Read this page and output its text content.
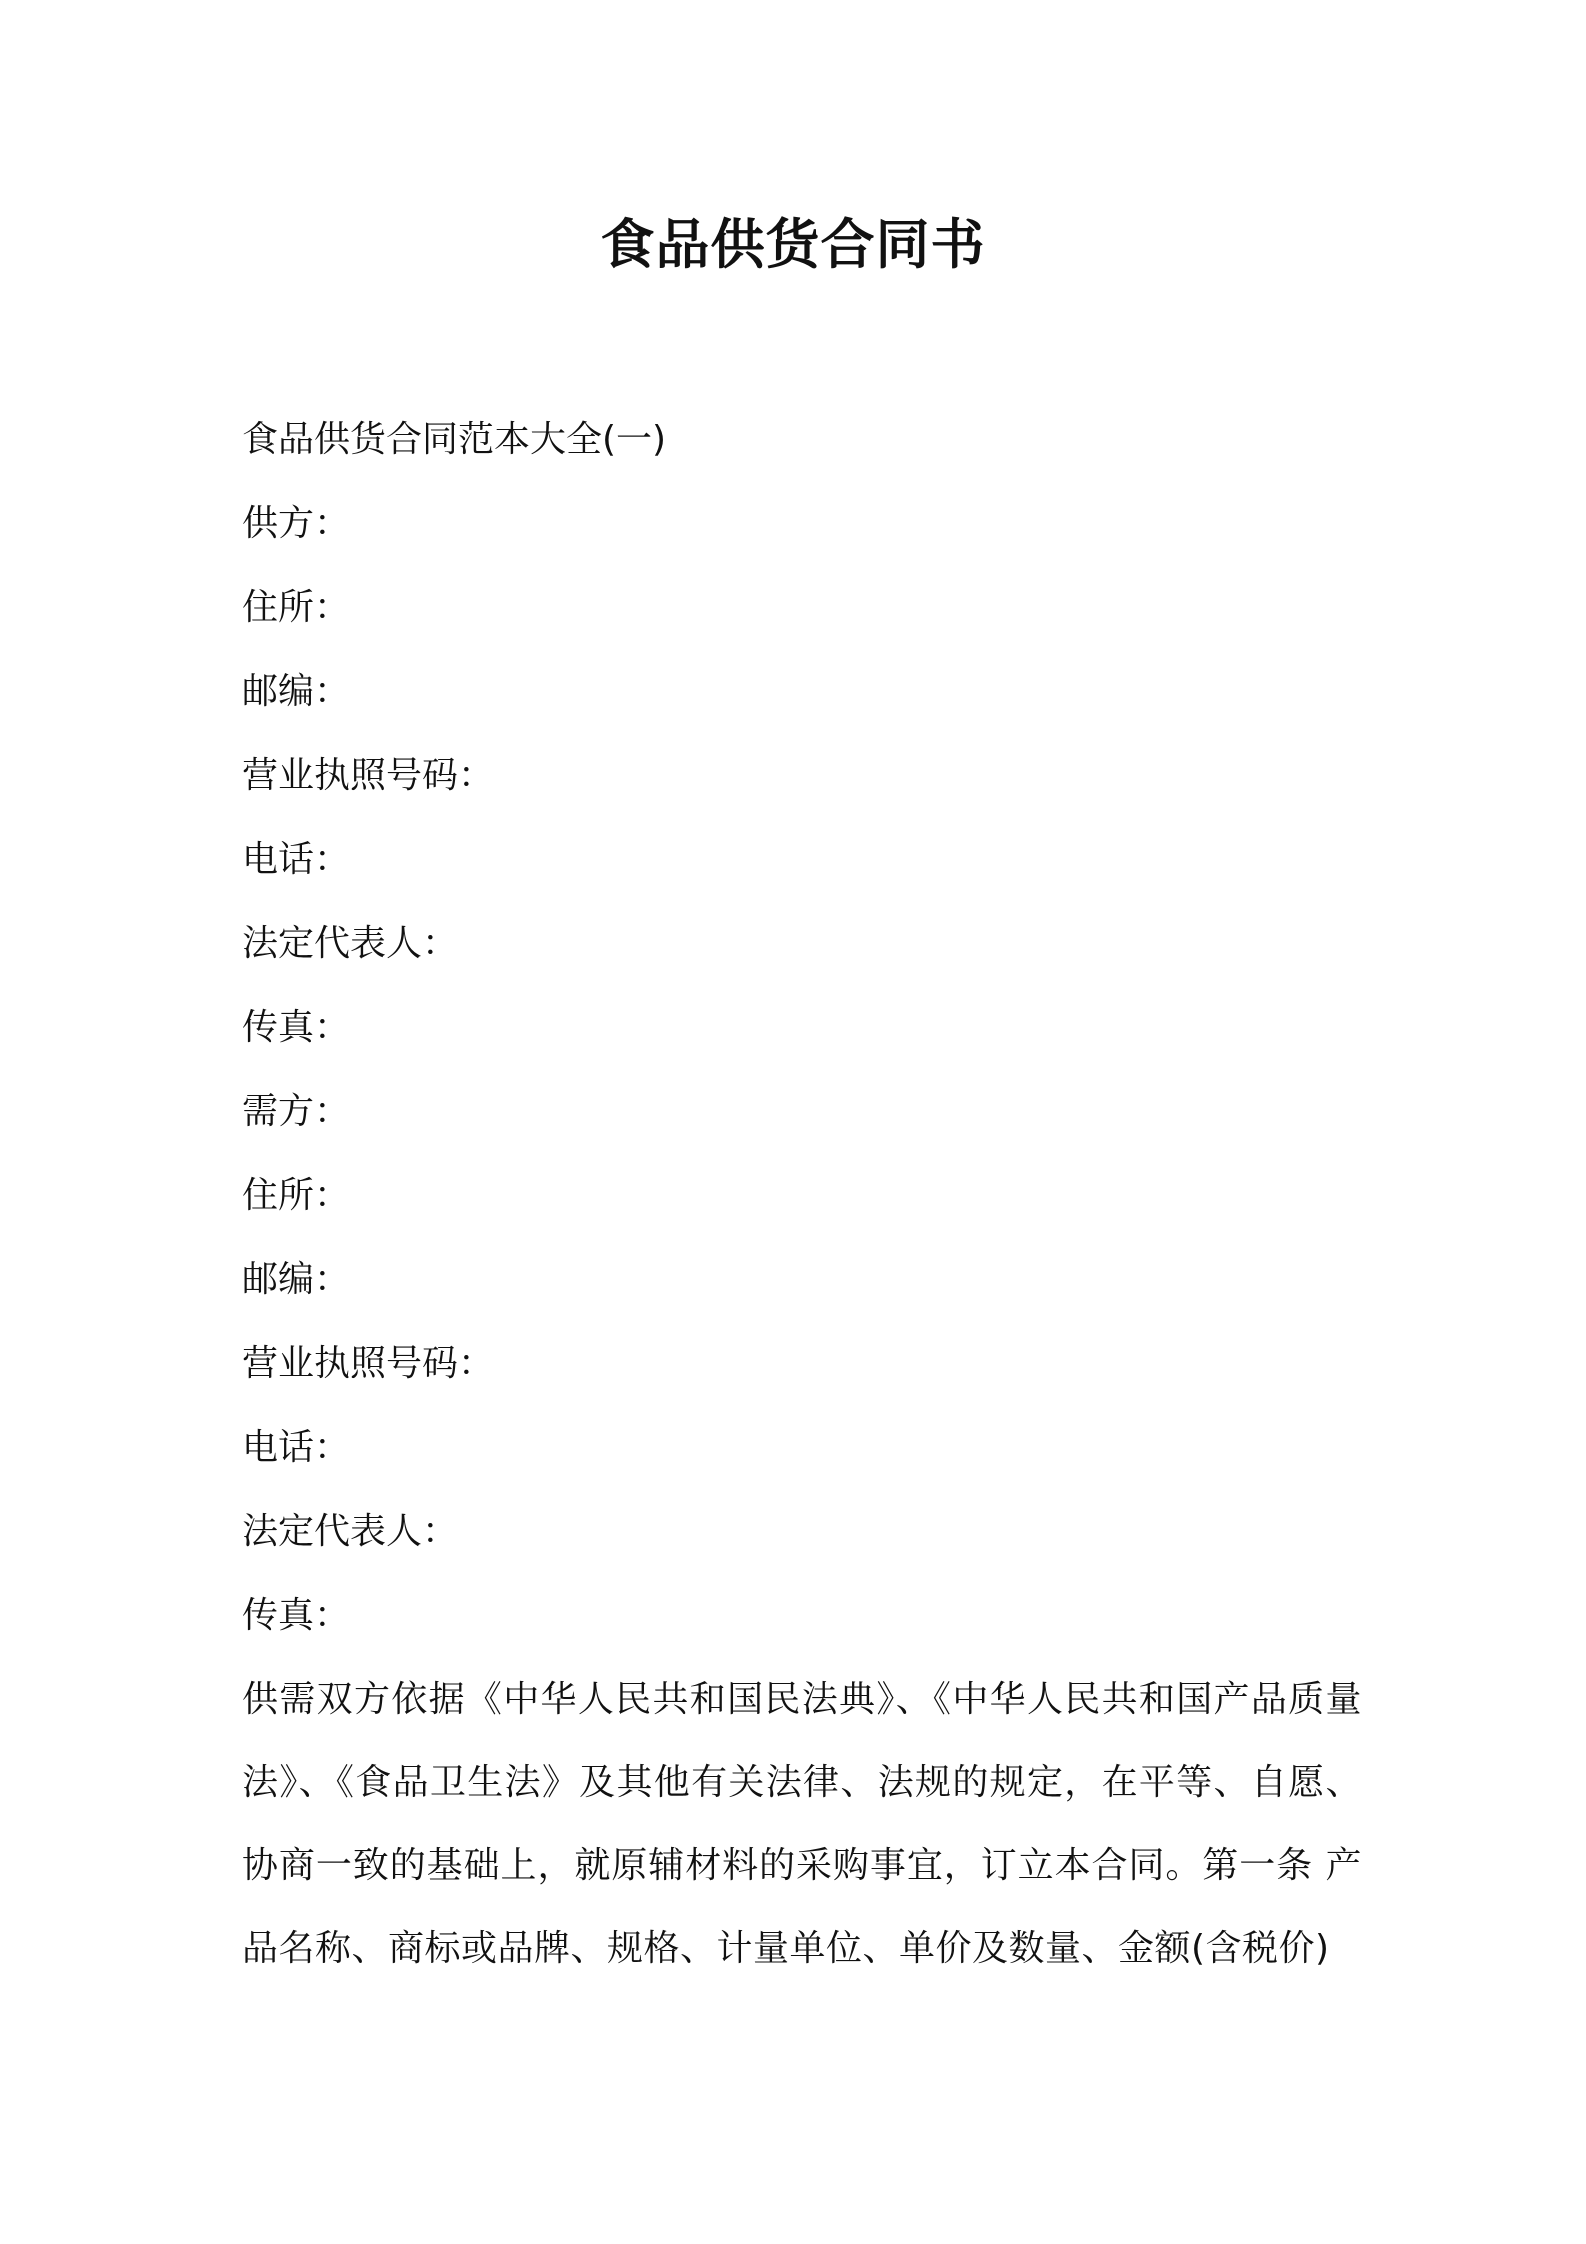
食品供货合同书
食品供货合同范本大全(一)
供方：
住所：
邮编：
营业执照号码：
电话：
法定代表人：
传真：
需方：
住所：
邮编：
营业执照号码：
电话：
法定代表人：
传真：
供需双方依据《中华人民共和国民法典》、《中华人民共和国产品质量法》、《食品卫生法》及其他有关法律、法规的规定，在平等、自愿、协商一致的基础上，就原辅材料的采购事宜，订立本合同。第一条 产品名称、商标或品牌、规格、计量单位、单价及数量、金额(含税价)
